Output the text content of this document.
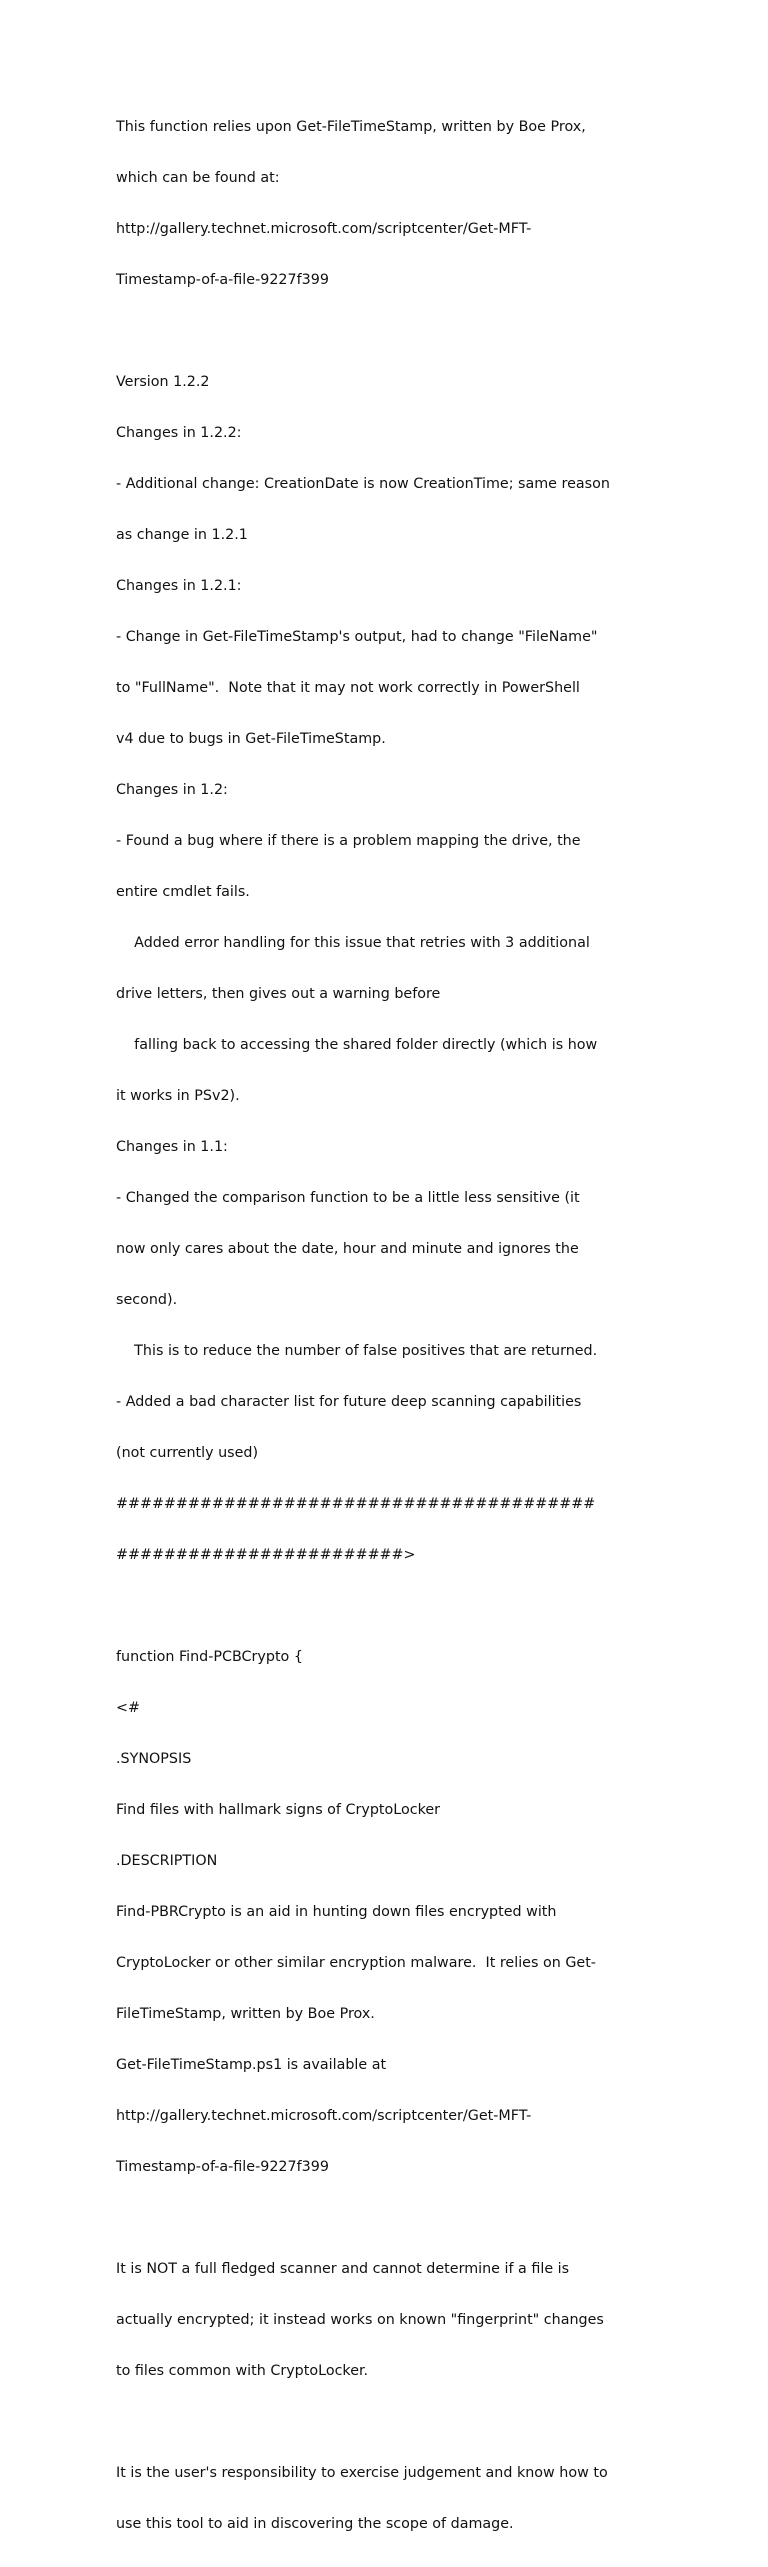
This function relies upon Get-FileTimeStamp, written by Boe Prox,

which can be found at:

http://gallery.technet.microsoft.com/scriptcenter/Get-MFT-

Timestamp-of-a-file-9227f399

Version 1.2.2

Changes in 1.2.2:

- Additional change: CreationDate is now CreationTime; same reason

as change in 1.2.1

Changes in 1.2.1:

- Change in Get-FileTimeStamp's output, had to change "FileName"

to "FullName".  Note that it may not work correctly in PowerShell

v4 due to bugs in Get-FileTimeStamp.

Changes in 1.2:

- Found a bug where if there is a problem mapping the drive, the

entire cmdlet fails.

Added error handling for this issue that retries with 3 additional

drive letters, then gives out a warning before

falling back to accessing the shared folder directly (which is how

it works in PSv2).

Changes in 1.1:

- Changed the comparison function to be a little less sensitive (it

now only cares about the date, hour and minute and ignores the

second).

This is to reduce the number of false positives that are returned.

- Added a bad character list for future deep scanning capabilities

(not currently used)

########################################

########################>

function Find-PCBCrypto {

<#

.SYNOPSIS

Find files with hallmark signs of CryptoLocker

.DESCRIPTION

Find-PBRCrypto is an aid in hunting down files encrypted with

CryptoLocker or other similar encryption malware.  It relies on Get-

FileTimeStamp, written by Boe Prox.

Get-FileTimeStamp.ps1 is available at

http://gallery.technet.microsoft.com/scriptcenter/Get-MFT-

Timestamp-of-a-file-9227f399

It is NOT a full fledged scanner and cannot determine if a file is

actually encrypted; it instead works on known "fingerprint" changes

to files common with CryptoLocker.

It is the user's responsibility to exercise judgement and know how to

use this tool to aid in discovering the scope of damage.
